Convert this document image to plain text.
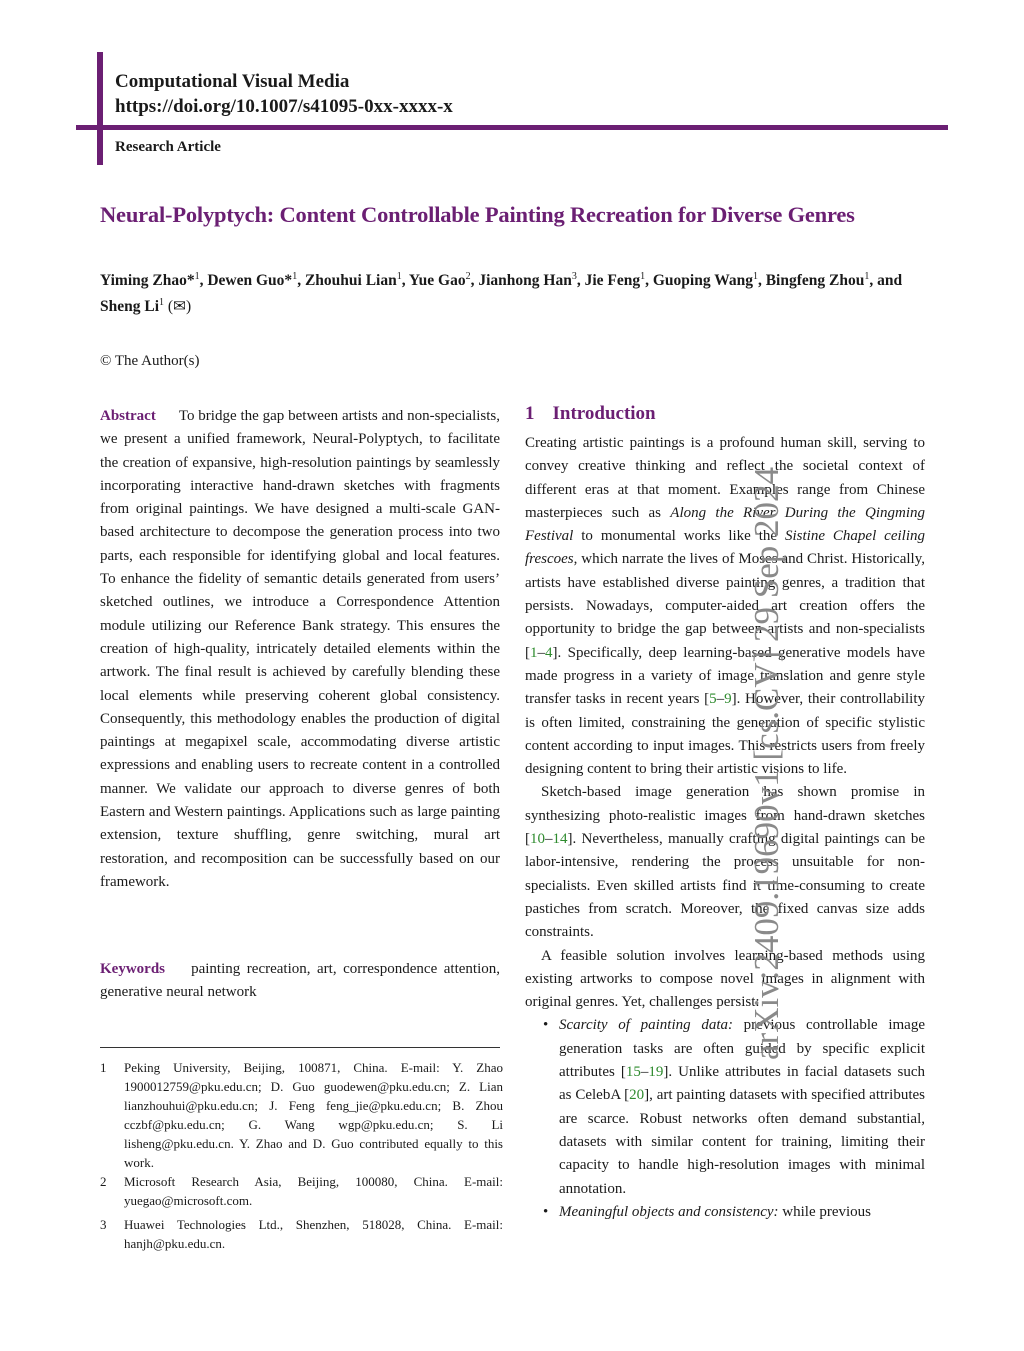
Computational Visual Media
https://doi.org/10.1007/s41095-0xx-xxxx-x
Research Article
Neural-Polyptych: Content Controllable Painting Recreation for Diverse Genres
Yiming Zhao*$^1$, Dewen Guo*$^1$, Zhouhui Lian$^1$, Yue Gao$^2$, Jianhong Han$^3$, Jie Feng$^1$, Guoping Wang$^1$, Bingfeng Zhou$^1$, and Sheng Li$^1$ (✉)
© The Author(s)
Abstract To bridge the gap between artists and non-specialists, we present a unified framework, Neural-Polyptych, to facilitate the creation of expansive, high-resolution paintings by seamlessly incorporating interactive hand-drawn sketches with fragments from original paintings. We have designed a multi-scale GAN-based architecture to decompose the generation process into two parts, each responsible for identifying global and local features. To enhance the fidelity of semantic details generated from users’ sketched outlines, we introduce a Correspondence Attention module utilizing our Reference Bank strategy. This ensures the creation of high-quality, intricately detailed elements within the artwork. The final result is achieved by carefully blending these local elements while preserving coherent global consistency. Consequently, this methodology enables the production of digital paintings at megapixel scale, accommodating diverse artistic expressions and enabling users to recreate content in a controlled manner. We validate our approach to diverse genres of both Eastern and Western paintings. Applications such as large painting extension, texture shuffling, genre switching, mural art restoration, and recomposition can be successfully based on our framework.
Keywords painting recreation, art, correspondence attention, generative neural network
1 Peking University, Beijing, 100871, China. E-mail: Y. Zhao 1900012759@pku.edu.cn; D. Guo guodewen@pku.edu.cn; Z. Lian lianzhouhui@pku.edu.cn; J. Feng feng_jie@pku.edu.cn; B. Zhou cczbf@pku.edu.cn; G. Wang wgp@pku.edu.cn; S. Li lisheng@pku.edu.cn. Y. Zhao and D. Guo contributed equally to this work.
2 Microsoft Research Asia, Beijing, 100080, China. E-mail: yuegao@microsoft.com.
3 Huawei Technologies Ltd., Shenzhen, 518028, China. E-mail: hanjh@pku.edu.cn.
1 Introduction

Creating artistic paintings is a profound human skill, serving to convey creative thinking and reflect the societal context of different eras at that moment. Examples range from Chinese masterpieces such as Along the River During the Qingming Festival to monumental works like the Sistine Chapel ceiling frescoes, which narrate the lives of Moses and Christ. Historically, artists have established diverse painting genres, a tradition that persists. Nowadays, computer-aided art creation offers the opportunity to bridge the gap between artists and non-specialists [1–4]. Specifically, deep learning-based generative models have made progress in a variety of image translation and genre style transfer tasks in recent years [5–9]. However, their controllability is often limited, constraining the generation of specific stylistic content according to input images. This restricts users from freely designing content to bring their artistic visions to life.

Sketch-based image generation has shown promise in synthesizing photo-realistic images from hand-drawn sketches [10–14]. Nevertheless, manually crafting digital paintings can be labor-intensive, rendering the process unsuitable for non-specialists. Even skilled artists find it time-consuming to create pastiches from scratch. Moreover, the fixed canvas size adds constraints.

A feasible solution involves learning-based methods using existing artworks to compose novel images in alignment with original genres. Yet, challenges persist:

• Scarcity of painting data: previous controllable image generation tasks are often guided by specific explicit attributes [15–19]. Unlike attributes in facial datasets such as CelebA [20], art painting datasets with specified attributes are scarce. Robust networks often demand substantial, datasets with similar content for training, limiting their capacity to handle high-resolution images with minimal annotation.
• Meaningful objects and consistency: while previous
arXiv:2409.19690v1 [cs.CV] 29 Sep 2024
